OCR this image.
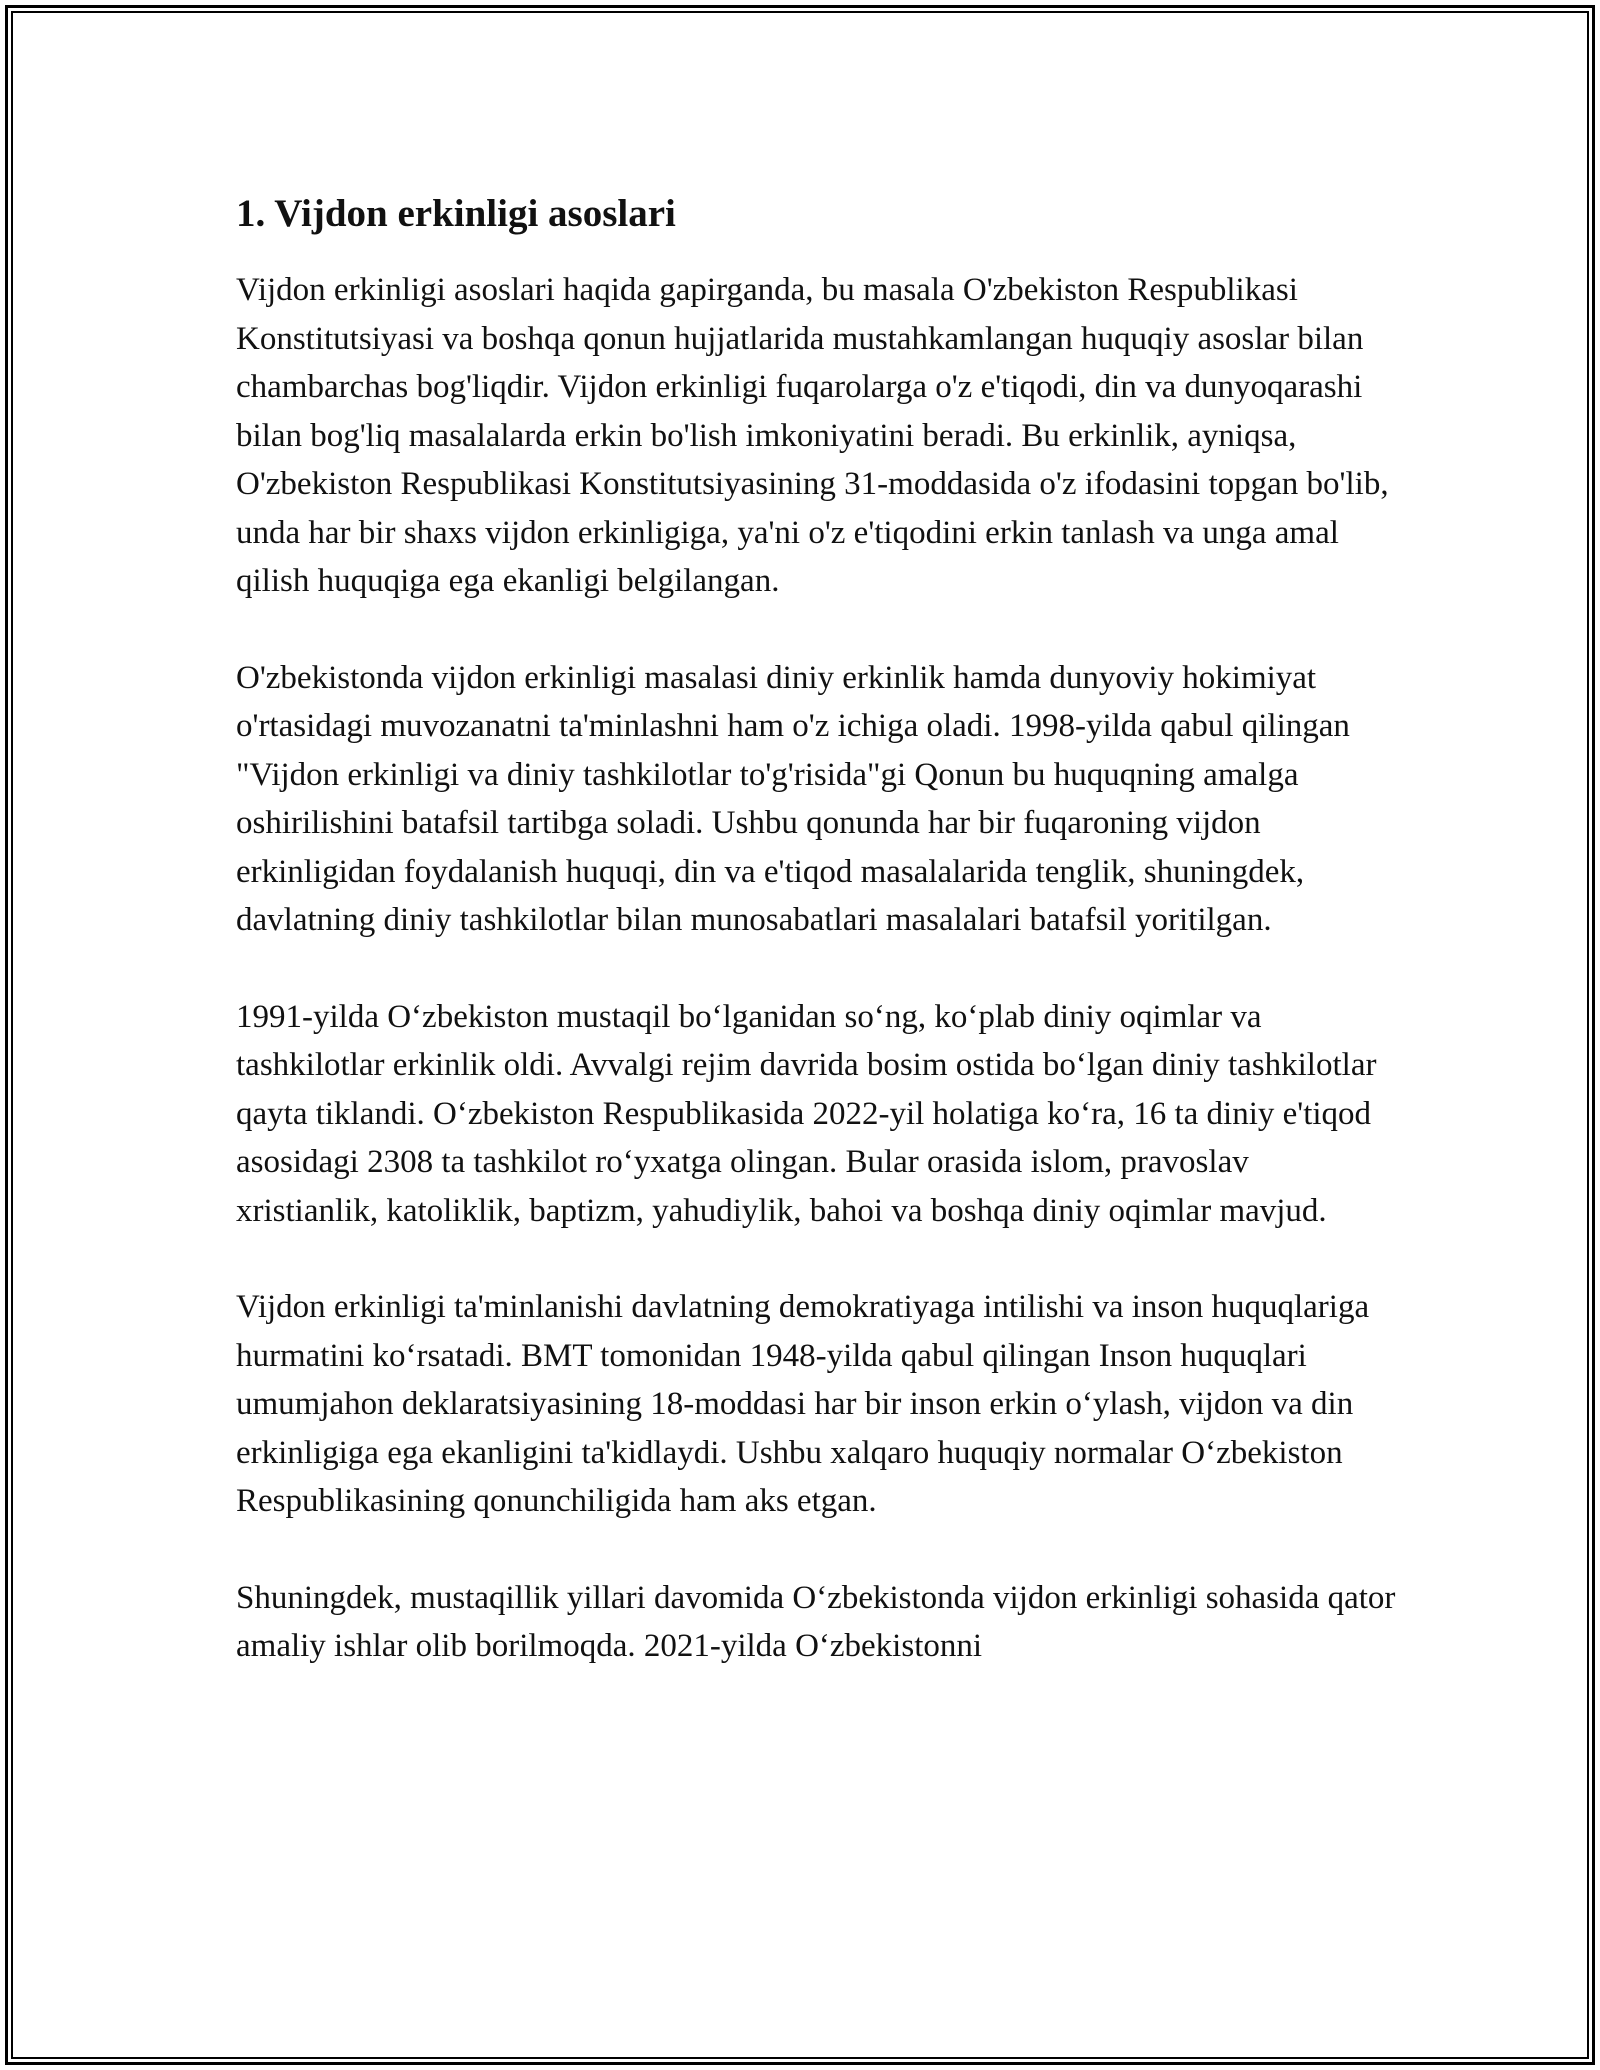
1. Vijdon erkinligi asoslari

Vijdon erkinligi asoslari haqida gapirganda, bu masala O'zbekiston Respublikasi Konstitutsiyasi va boshqa qonun hujjatlarida mustahkamlangan huquqiy asoslar bilan chambarchas bog'liqdir. Vijdon erkinligi fuqarolarga o'z e'tiqodi, din va dunyoqarashi bilan bog'liq masalalarda erkin bo'lish imkoniyatini beradi. Bu erkinlik, ayniqsa, O'zbekiston Respublikasi Konstitutsiyasining 31-moddasida o'z ifodasini topgan bo'lib, unda har bir shaxs vijdon erkinligiga, ya'ni o'z e'tiqodini erkin tanlash va unga amal qilish huquqiga ega ekanligi belgilangan.

O'zbekistonda vijdon erkinligi masalasi diniy erkinlik hamda dunyoviy hokimiyat o'rtasidagi muvozanatni ta'minlashni ham o'z ichiga oladi. 1998-yilda qabul qilingan "Vijdon erkinligi va diniy tashkilotlar to'g'risida"gi Qonun bu huquqning amalga oshirilishini batafsil tartibga soladi. Ushbu qonunda har bir fuqaroning vijdon erkinligidan foydalanish huquqi, din va e'tiqod masalalarida tenglik, shuningdek, davlatning diniy tashkilotlar bilan munosabatlari masalalari batafsil yoritilgan.

1991-yilda O‘zbekiston mustaqil bo‘lganidan so‘ng, ko‘plab diniy oqimlar va tashkilotlar erkinlik oldi. Avvalgi rejim davrida bosim ostida bo‘lgan diniy tashkilotlar qayta tiklandi. O‘zbekiston Respublikasida 2022-yil holatiga ko‘ra, 16 ta diniy e'tiqod asosidagi 2308 ta tashkilot ro‘yxatga olingan. Bular orasida islom, pravoslav xristianlik, katoliklik, baptizm, yahudiylik, bahoi va boshqa diniy oqimlar mavjud.

Vijdon erkinligi ta'minlanishi davlatning demokratiyaga intilishi va inson huquqlariga hurmatini ko‘rsatadi. BMT tomonidan 1948-yilda qabul qilingan Inson huquqlari umumjahon deklaratsiyasining 18-moddasi har bir inson erkin o‘ylash, vijdon va din erkinligiga ega ekanligini ta'kidlaydi. Ushbu xalqaro huquqiy normalar O‘zbekiston Respublikasining qonunchiligida ham aks etgan.

Shuningdek, mustaqillik yillari davomida O‘zbekistonda vijdon erkinligi sohasida qator amaliy ishlar olib borilmoqda. 2021-yilda O‘zbekistonni
